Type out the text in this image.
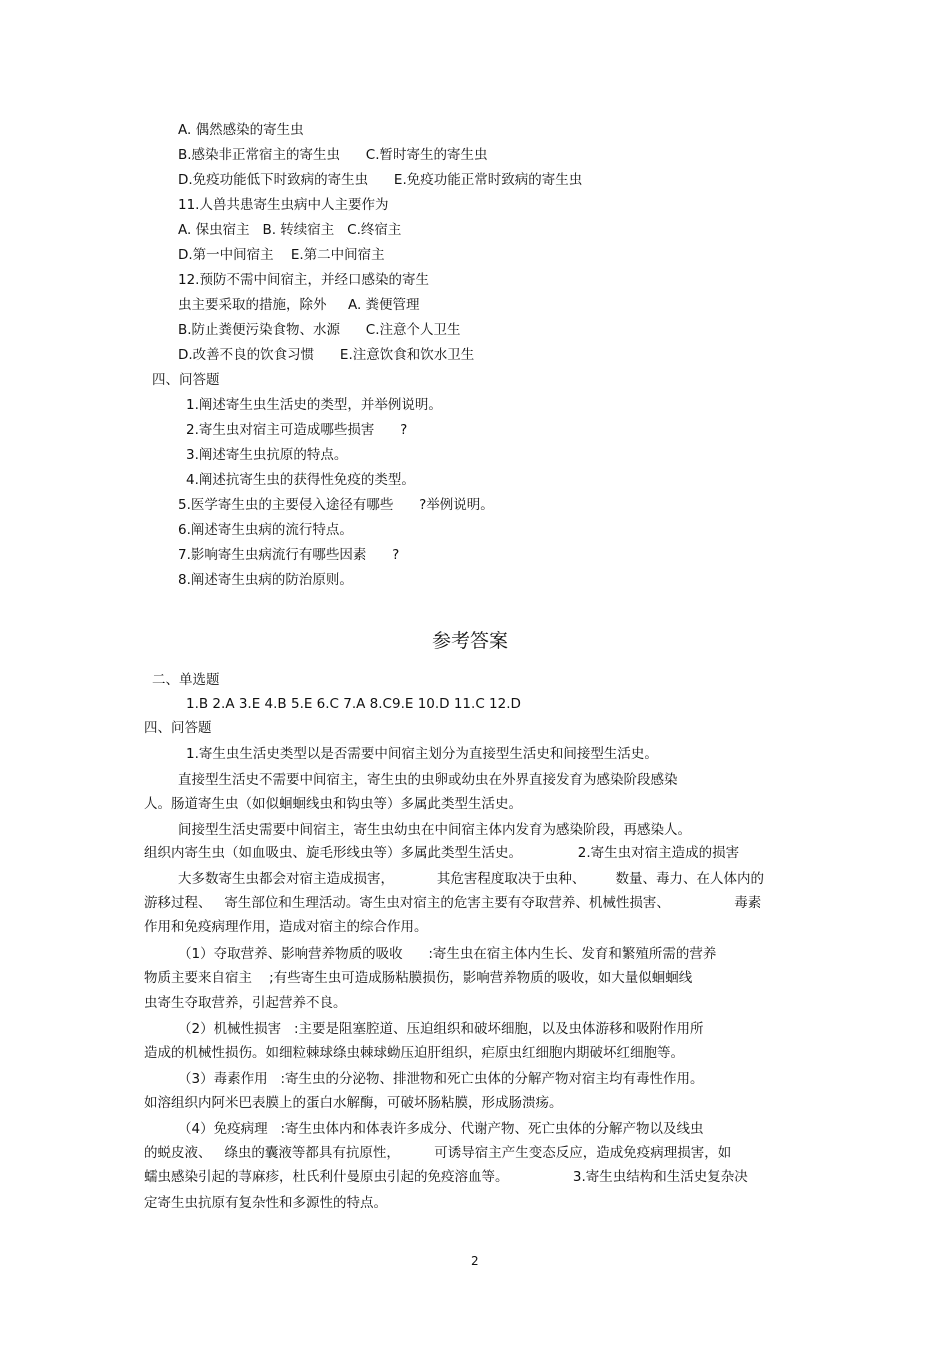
A. 偶然感染的寄生虫
B.感染非正常宿主的寄生虫      C.暂时寄生的寄生虫
D.免疫功能低下时致病的寄生虫      E.免疫功能正常时致病的寄生虫
11.人兽共患寄生虫病中人主要作为
A. 保虫宿主   B. 转续宿主   C.终宿主
D.第一中间宿主    E.第二中间宿主
12.预防不需中间宿主，并经口感染的寄生
虫主要采取的措施，除外     A. 粪便管理
B.防止粪便污染食物、水源      C.注意个人卫生
D.改善不良的饮食习惯      E.注意饮食和饮水卫生
四、问答题
1.阐述寄生虫生活史的类型，并举例说明。
2.寄生虫对宿主可造成哪些损害      ?
3.阐述寄生虫抗原的特点。
4.阐述抗寄生虫的获得性免疫的类型。
5.医学寄生虫的主要侵入途径有哪些      ?举例说明。
6.阐述寄生虫病的流行特点。
7.影响寄生虫病流行有哪些因素      ?
8.阐述寄生虫病的防治原则。
参考答案
二、单选题
1.B 2.A 3.E 4.B 5.E 6.C 7.A 8.C9.E 10.D 11.C 12.D
四、问答题
1.寄生虫生活史类型以是否需要中间宿主划分为直接型生活史和间接型生活史。
直接型生活史不需要中间宿主，寄生虫的虫卵或幼虫在外界直接发育为感染阶段感染
人。肠道寄生虫（如似蛔蛔线虫和钩虫等）多属此类型生活史。
间接型生活史需要中间宿主，寄生虫幼虫在中间宿主体内发育为感染阶段，再感染人。
组织内寄生虫（如血吸虫、旋毛形线虫等）多属此类型生活史。             2.寄生虫对宿主造成的损害
大多数寄生虫都会对宿主造成损害，          其危害程度取决于虫种、       数量、毒力、在人体内的
游移过程、   寄生部位和生理活动。寄生虫对宿主的危害主要有夺取营养、机械性损害、               毒素
作用和免疫病理作用，造成对宿主的综合作用。
（1）夺取营养、影响营养物质的吸收      :寄生虫在宿主体内生长、发育和繁殖所需的营养
物质主要来自宿主    ;有些寄生虫可造成肠粘膜损伤，影响营养物质的吸收，如大量似蛔蛔线
虫寄生夺取营养，引起营养不良。
（2）机械性损害   :主要是阻塞腔道、压迫组织和破坏细胞，以及虫体游移和吸附作用所
造成的机械性损伤。如细粒棘球绦虫棘球蚴压迫肝组织，疟原虫红细胞内期破坏红细胞等。
（3）毒素作用   :寄生虫的分泌物、排泄物和死亡虫体的分解产物对宿主均有毒性作用。
如溶组织内阿米巴表膜上的蛋白水解酶，可破坏肠粘膜，形成肠溃疡。
（4）免疫病理   :寄生虫体内和体表许多成分、代谢产物、死亡虫体的分解产物以及线虫
的蜕皮液、   绦虫的囊液等都具有抗原性，        可诱导宿主产生变态反应，造成免疫病理损害，如
蠕虫感染引起的荨麻疹，杜氏利什曼原虫引起的免疫溶血等。               3.寄生虫结构和生活史复杂决
定寄生虫抗原有复杂性和多源性的特点。
2
